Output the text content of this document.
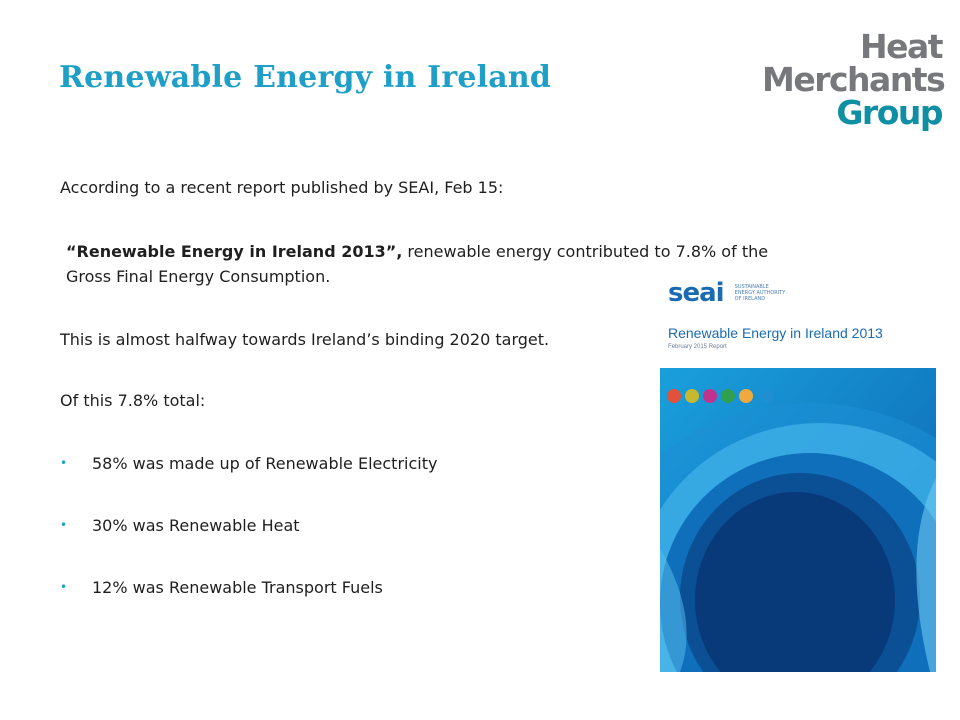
Renewable Energy in Ireland
Heat
Merchants
Group

According to a recent report published by SEAI, Feb 15:

“Renewable Energy in Ireland 2013”, renewable energy contributed to 7.8% of the
Gross Final Energy Consumption.

This is almost halfway towards Ireland’s binding 2020 target.

Of this 7.8% total:

• 58% was made up of Renewable Electricity
• 30% was Renewable Heat
• 12% was Renewable Transport Fuels
seai SUSTAINABLE
ENERGY AUTHORITY
OF IRELAND

Renewable Energy in Ireland 2013

February 2015 Report
